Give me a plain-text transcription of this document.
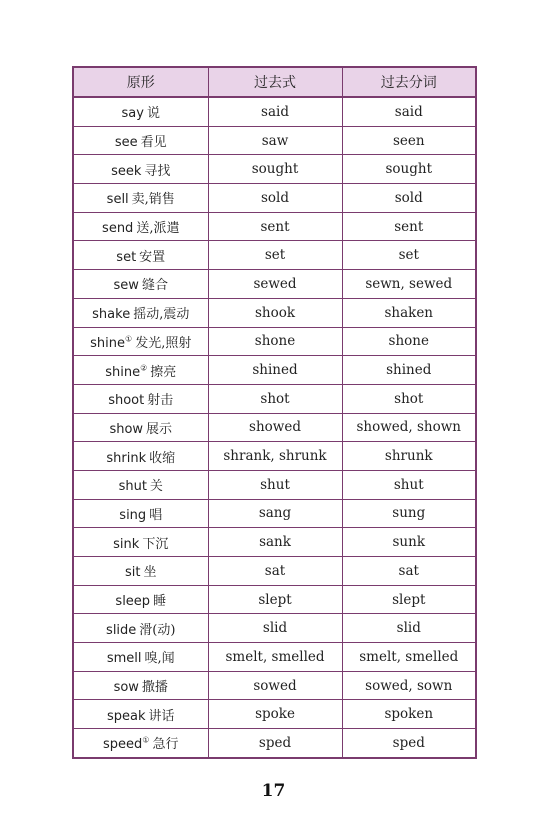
原形	过去式	过去分词
say 说	said	said
see 看见	saw	seen
seek 寻找	sought	sought
sell 卖,销售	sold	sold
send 送,派遣	sent	sent
set 安置	set	set
sew 缝合	sewed	sewn, sewed
shake 摇动,震动	shook	shaken
shine① 发光,照射	shone	shone
shine② 擦亮	shined	shined
shoot 射击	shot	shot
show 展示	showed	showed, shown
shrink 收缩	shrank, shrunk	shrunk
shut 关	shut	shut
sing 唱	sang	sung
sink 下沉	sank	sunk
sit 坐	sat	sat
sleep 睡	slept	slept
slide 滑(动)	slid	slid
smell 嗅,闻	smelt, smelled	smelt, smelled
sow 撒播	sowed	sowed, sown
speak 讲话	spoke	spoken
speed① 急行	sped	sped
17
